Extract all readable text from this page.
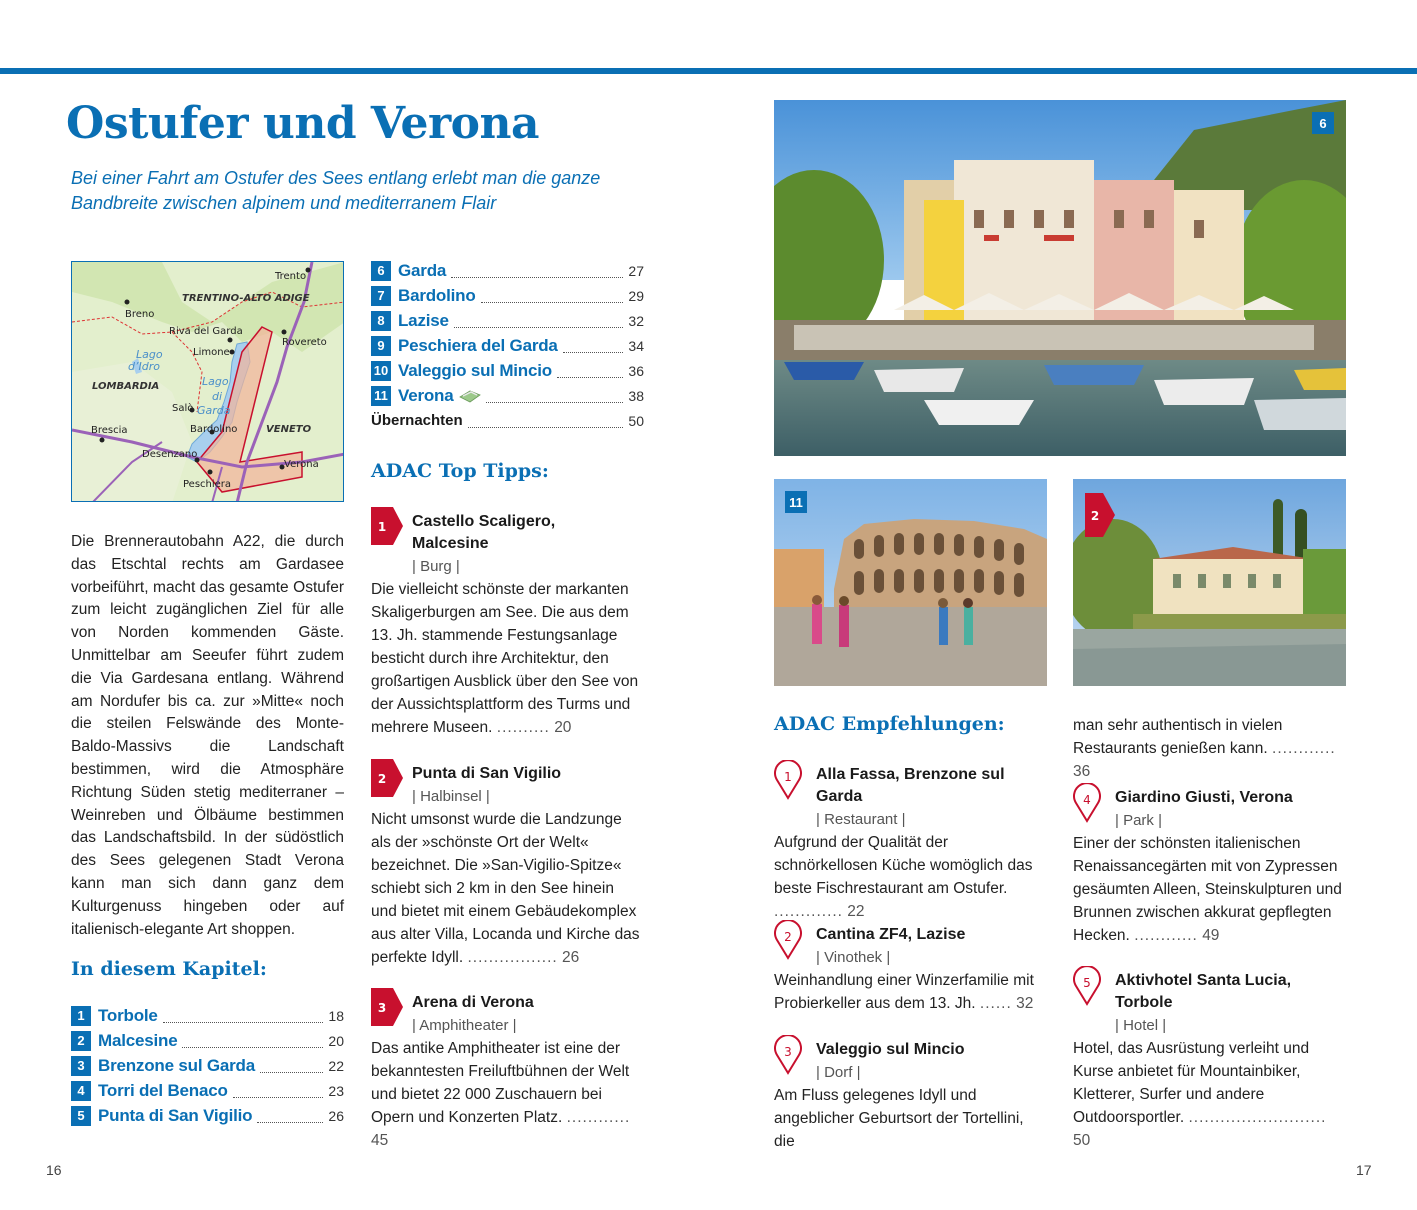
Ostufer und Verona

Bei einer Fahrt am Ostufer des Sees entlang erlebt man die ganze Bandbreite zwischen alpinem und mediterranem Flair

Trento
TRENTINO-ALTO ADIGE
Breno
Riva del Garda
Rovereto
Lago
d’Idro
Limone
LOMBARDIA	Lago
di
Garda
Salò
Brescia	Bardolino	VENETO
Desenzano
Verona
Peschiera

Die Brennerautobahn A22, die durch das Etschtal rechts am Gardasee vorbeiführt, macht das gesamte Ostufer zum leicht zugänglichen Ziel für alle von Norden kommenden Gäste. Unmittelbar am Seeufer führt zudem die Via Gardesana entlang. Während am Nordufer bis ca. zur »Mitte« noch die steilen Felswände des Monte-Baldo-Massivs die Landschaft bestimmen, wird die Atmosphäre Richtung Süden stetig mediterraner – Weinreben und Ölbäume bestimmen das Landschaftsbild. In der südöstlich des Sees gelegenen Stadt Verona kann man sich dann ganz dem Kulturgenuss hingeben oder auf italienisch-elegante Art shoppen.

In diesem Kapitel:
1 Torbole	18
2 Malcesine	20
3 Brenzone sul Garda	22
4 Torri del Benaco	23
5 Punta di San Vigilio	26
6 Garda	27
7 Bardolino	29
8 Lazise	32
9 Peschiera del Garda	34
10 Valeggio sul Mincio	36
11 Verona	38
Übernachten	50
ADAC Top Tipps:
1 Castello Scaligero, Malcesine
| Burg |
Die vielleicht schönste der markanten Skaligerburgen am See. Die aus dem 13. Jh. stammende Festungsanlage besticht durch ihre Architektur, den großartigen Ausblick über den See von der Aussichtsplattform des Turms und mehrere Museen. .......... 20
2 Punta di San Vigilio
| Halbinsel |
Nicht umsonst wurde die Landzunge als der »schönste Ort der Welt« bezeichnet. Die »San-Vigilio-Spitze« schiebt sich 2 km in den See hinein und bietet mit einem Gebäudekomplex aus alter Villa, Locanda und Kirche das perfekte Idyll. ................. 26
3 Arena di Verona
| Amphitheater |
Das antike Amphitheater ist eine der bekanntesten Freiluftbühnen der Welt und bietet 22 000 Zuschauern bei Opern und Konzerten Platz. ............ 45
6
11
2
ADAC Empfehlungen:
1 Alla Fassa, Brenzone sul Garda
| Restaurant |
Aufgrund der Qualität der schnörkellosen Küche womöglich das beste Fischrestaurant am Ostufer. ............. 22
2 Cantina ZF4, Lazise
| Vinothek |
Weinhandlung einer Winzerfamilie mit Probierkeller aus dem 13. Jh. ...... 32
3 Valeggio sul Mincio
| Dorf |
Am Fluss gelegenes Idyll und angeblicher Geburtsort der Tortellini, die
man sehr authentisch in vielen Restaurants genießen kann. ............ 36
4 Giardino Giusti, Verona
| Park |
Einer der schönsten italienischen Renaissancegärten mit von Zypressen gesäumten Alleen, Steinskulpturen und Brunnen zwischen akkurat gepflegten Hecken. ............ 49
5 Aktivhotel Santa Lucia, Torbole
| Hotel |
Hotel, das Ausrüstung verleiht und Kurse anbietet für Mountainbiker, Kletterer, Surfer und andere Outdoorsportler. .......................... 50
16	17
